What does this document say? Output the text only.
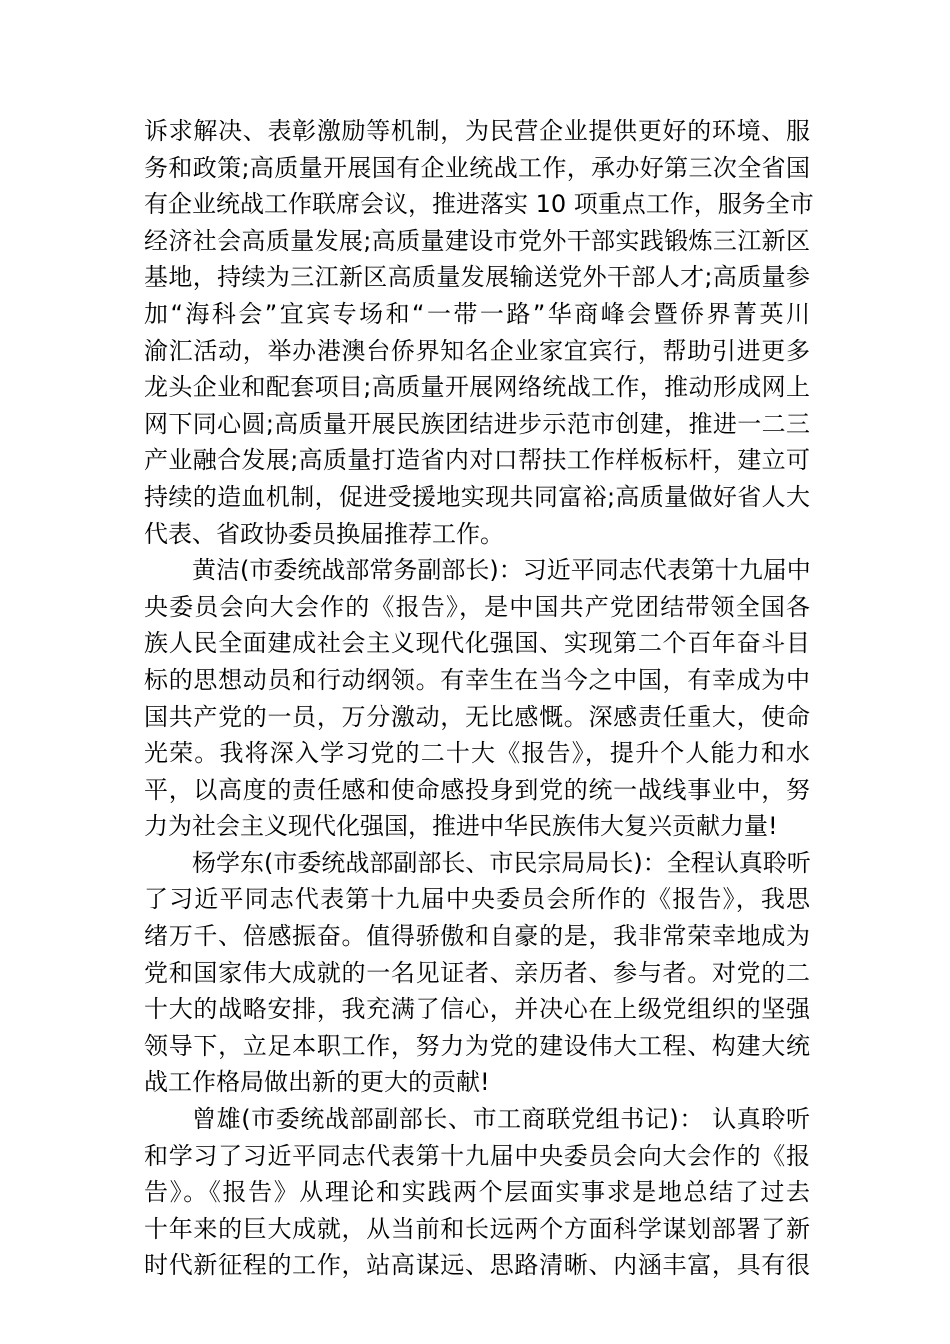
诉求解决、表彰激励等机制，为民营企业提供更好的环境、服
务和政策;高质量开展国有企业统战工作，承办好第三次全省国
有企业统战工作联席会议，推进落实 10 项重点工作，服务全市
经济社会高质量发展;高质量建设市党外干部实践锻炼三江新区
基地，持续为三江新区高质量发展输送党外干部人才;高质量参
加“海科会”宜宾专场和“一带一路”华商峰会暨侨界菁英川
渝汇活动，举办港澳台侨界知名企业家宜宾行，帮助引进更多
龙头企业和配套项目;高质量开展网络统战工作，推动形成网上
网下同心圆;高质量开展民族团结进步示范市创建，推进一二三
产业融合发展;高质量打造省内对口帮扶工作样板标杆，建立可
持续的造血机制，促进受援地实现共同富裕;高质量做好省人大
代表、省政协委员换届推荐工作。
黄洁(市委统战部常务副部长)：习近平同志代表第十九届中
央委员会向大会作的《报告》，是中国共产党团结带领全国各
族人民全面建成社会主义现代化强国、实现第二个百年奋斗目
标的思想动员和行动纲领。有幸生在当今之中国，有幸成为中
国共产党的一员，万分激动，无比感慨。深感责任重大，使命
光荣。我将深入学习党的二十大《报告》，提升个人能力和水
平，以高度的责任感和使命感投身到党的统一战线事业中，努
力为社会主义现代化强国，推进中华民族伟大复兴贡献力量!
杨学东(市委统战部副部长、市民宗局局长)：全程认真聆听
了习近平同志代表第十九届中央委员会所作的《报告》，我思
绪万千、倍感振奋。值得骄傲和自豪的是，我非常荣幸地成为
党和国家伟大成就的一名见证者、亲历者、参与者。对党的二
十大的战略安排，我充满了信心，并决心在上级党组织的坚强
领导下，立足本职工作，努力为党的建设伟大工程、构建大统
战工作格局做出新的更大的贡献!
曾雄(市委统战部副部长、市工商联党组书记)： 认真聆听
和学习了习近平同志代表第十九届中央委员会向大会作的《报
告》。《报告》从理论和实践两个层面实事求是地总结了过去
十年来的巨大成就，从当前和长远两个方面科学谋划部署了新
时代新征程的工作，站高谋远、思路清晰、内涵丰富，具有很
